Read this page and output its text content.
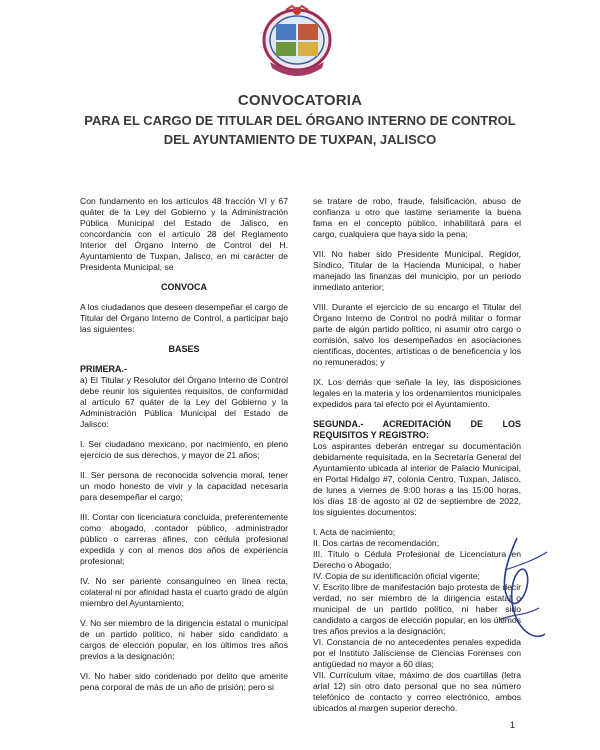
CONVOCATORIA

PARA EL CARGO DE TITULAR DEL ÓRGANO INTERNO DE CONTROL

DEL AYUNTAMIENTO DE TUXPAN, JALISCO

Con fundamento en los artículos 48 fracción VI y 67 quáter de la Ley del Gobierno y la Administración Pública Municipal del Estado de Jalisco, en concordancia con el artículo 28 del Reglamento Interior del Órgano Interno de Control del H. Ayuntamiento de Tuxpan, Jalisco, en mi carácter de Presidenta Municipal, se

CONVOCA

A los ciudadanos que deseen desempeñar el cargo de Titular del Órgano Interno de Control, a participar bajo las siguientes:

BASES

PRIMERA.-

a) El Titular y Resolutor del Órgano Interno de Control debe reunir los siguientes requisitos, de conformidad al artículo 67 quáter de la Ley del Gobierno y la Administración Pública Municipal del Estado de Jalisco:

I. Ser ciudadano mexicano, por nacimiento, en pleno ejercicio de sus derechos, y mayor de 21 años;

II. Ser persona de reconocida solvencia moral, tener un modo honesto de vivir y la capacidad necesaria para desempeñar el cargo;

III. Contar con licenciatura concluida, preferentemente como abogado, contador público, administrador público o carreras afines, con cédula profesional expedida y con al menos dos años de experiencia profesional;

IV. No ser pariente consanguíneo en línea recta, colateral ni por afinidad hasta el cuarto grado de algún miembro del Ayuntamiento;

V. No ser miembro de la dirigencia estatal o municipal de un partido político, ni haber sido candidato a cargos de elección popular, en los últimos tres años previos a la designación;

VI. No haber sido condenado por delito que amerite pena corporal de más de un año de prisión; pero si

se tratare de robo, fraude, falsificación, abuso de confianza u otro que lastime seriamente la buena fama en el concepto público, inhabilitará para el cargo, cualquiera que haya sido la pena;

VII. No haber sido Presidente Municipal, Regidor, Síndico, Titular de la Hacienda Municipal, o haber manejado las finanzas del municipio, por un periodo inmediato anterior;

VIII. Durante el ejercicio de su encargo el Titular del Órgano Interno de Control no podrá militar o formar parte de algún partido político, ni asumir otro cargo o comisión, salvo los desempeñados en asociaciones científicas, docentes, artísticas o de beneficencia y los no remunerados; y

IX. Los demás que señale la ley, las disposiciones legales en la materia y los ordenamientos municipales expedidos para tal efecto por el Ayuntamiento.

SEGUNDA.- ACREDITACIÓN DE LOS REQUISITOS Y REGISTRO:

Los aspirantes deberán entregar su documentación debidamente requisitada, en la Secretaría General del Ayuntamiento ubicada al interior de Palacio Municipal, en Portal Hidalgo #7, colonia Centro, Tuxpan, Jalisco, de lunes a viernes de 9:00 horas a las 15:00 horas, los días 18 de agosto al 02 de septiembre de 2022, los siguientes documentos:

I. Acta de nacimiento;
II. Dos cartas de recomendación;
III. Título o Cédula Profesional de Licenciatura en Derecho o Abogado;
IV. Copia de su identificación oficial vigente;
V. Escrito libre de manifestación bajo protesta de decir verdad, no ser miembro de la dirigencia estatal o municipal de un partido político, ni haber sido candidato a cargos de elección popular, en los últimos tres años previos a la designación;
VI. Constancia de no antecedentes penales expedida por el Instituto Jalisciense de Ciencias Forenses con antigüedad no mayor a 60 días;
VII. Currículum vitae, máximo de dos cuartillas (letra arial 12) sin otro dato personal que no sea número telefónico de contacto y correo electrónico, ambos ubicados al margen superior derecho.
1
